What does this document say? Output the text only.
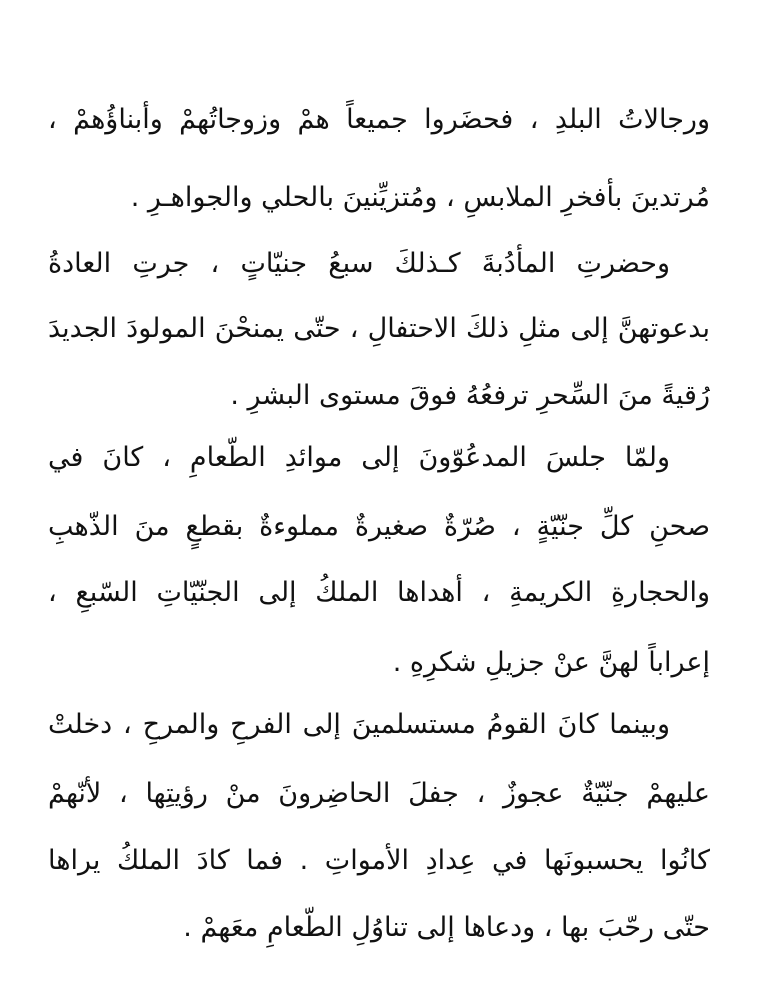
ورجالاتُ البلدِ ، فحضَروا جميعاً همْ وزوجاتُهمْ وأبناؤُهمْ ،
مُرتدينَ بأفخرِ الملابسِ ، ومُتزيِّنينَ بالحلي والجواهـرِ .
وحضرتِ المأدُبةَ كـذلكَ سبعُ جنيّاتٍ ، جرتِ العادةُ
بدعوتهنَّ إلى مثلِ ذلكَ الاحتفالِ ، حتّى يمنحْنَ المولودَ الجديدَ
رُقيةً منَ السِّحرِ ترفعُهُ فوقَ مستوى البشرِ .
ولمّا جلسَ المدعُوّونَ إلى موائدِ الطّعامِ ، كانَ في
صحنِ كلِّ جنّيّةٍ ، صُرّةٌ صغيرةٌ مملوءةٌ بقطعٍ منَ الذّهبِ
والحجارةِ الكريمةِ ، أهداها الملكُ إلى الجنّيّاتِ السّبعِ ،
إعراباً لهنَّ عنْ جزيلِ شكرِهِ .
وبينما كانَ القومُ مستسلمينَ إلى الفرحِ والمرحِ ، دخلتْ
عليهمْ جنّيّةٌ عجوزٌ ، جفلَ الحاضِرونَ منْ رؤيتِها ، لأنّهمْ
كانُوا يحسبونَها في عِدادِ الأمواتِ . فما كادَ الملكُ يراها
حتّى رحّبَ بها ، ودعاها إلى تناوُلِ الطّعامِ معَهمْ .
